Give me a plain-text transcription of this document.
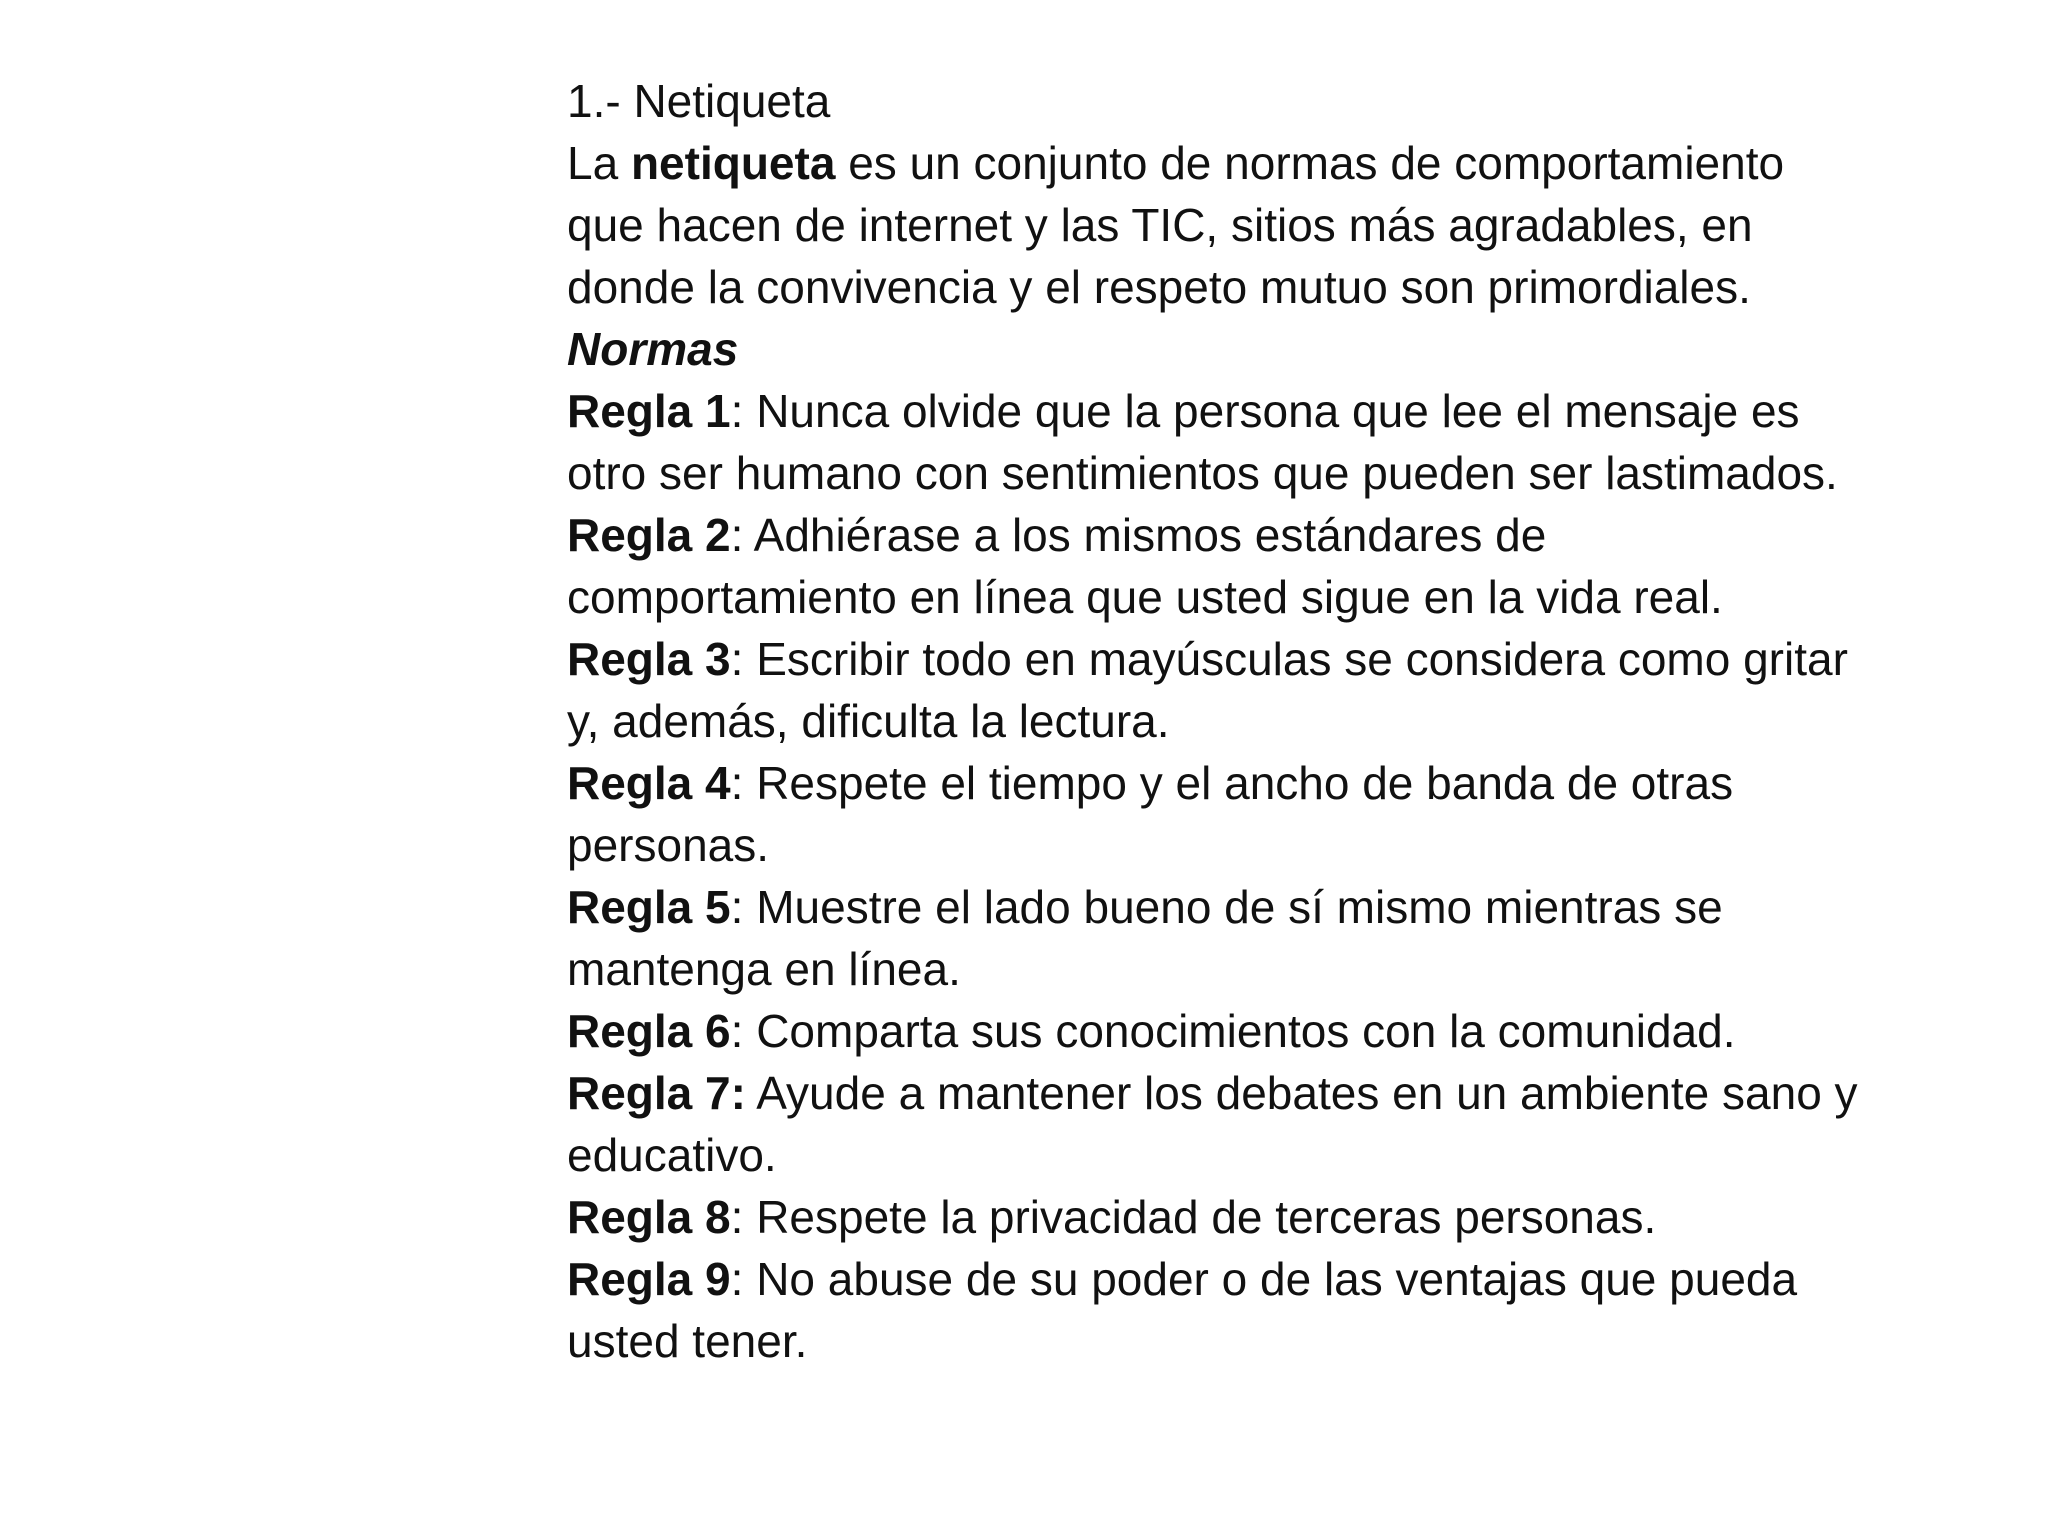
1.- Netiqueta

La netiqueta es un conjunto de normas de comportamiento que hacen de internet y las TIC, sitios más agradables, en donde la convivencia y el respeto mutuo son primordiales.

Normas

Regla 1: Nunca olvide que la persona que lee el mensaje es otro ser humano con sentimientos que pueden ser lastimados.

Regla 2: Adhiérase a los mismos estándares de comportamiento en línea que usted sigue en la vida real.

Regla 3: Escribir todo en mayúsculas se considera como gritar y, además, dificulta la lectura.

Regla 4: Respete el tiempo y el ancho de banda de otras personas.

Regla 5: Muestre el lado bueno de sí mismo mientras se mantenga en línea.

Regla 6: Comparta sus conocimientos con la comunidad.

Regla 7: Ayude a mantener los debates en un ambiente sano y educativo.

Regla 8: Respete la privacidad de terceras personas.

Regla 9: No abuse de su poder o de las ventajas que pueda usted tener.
